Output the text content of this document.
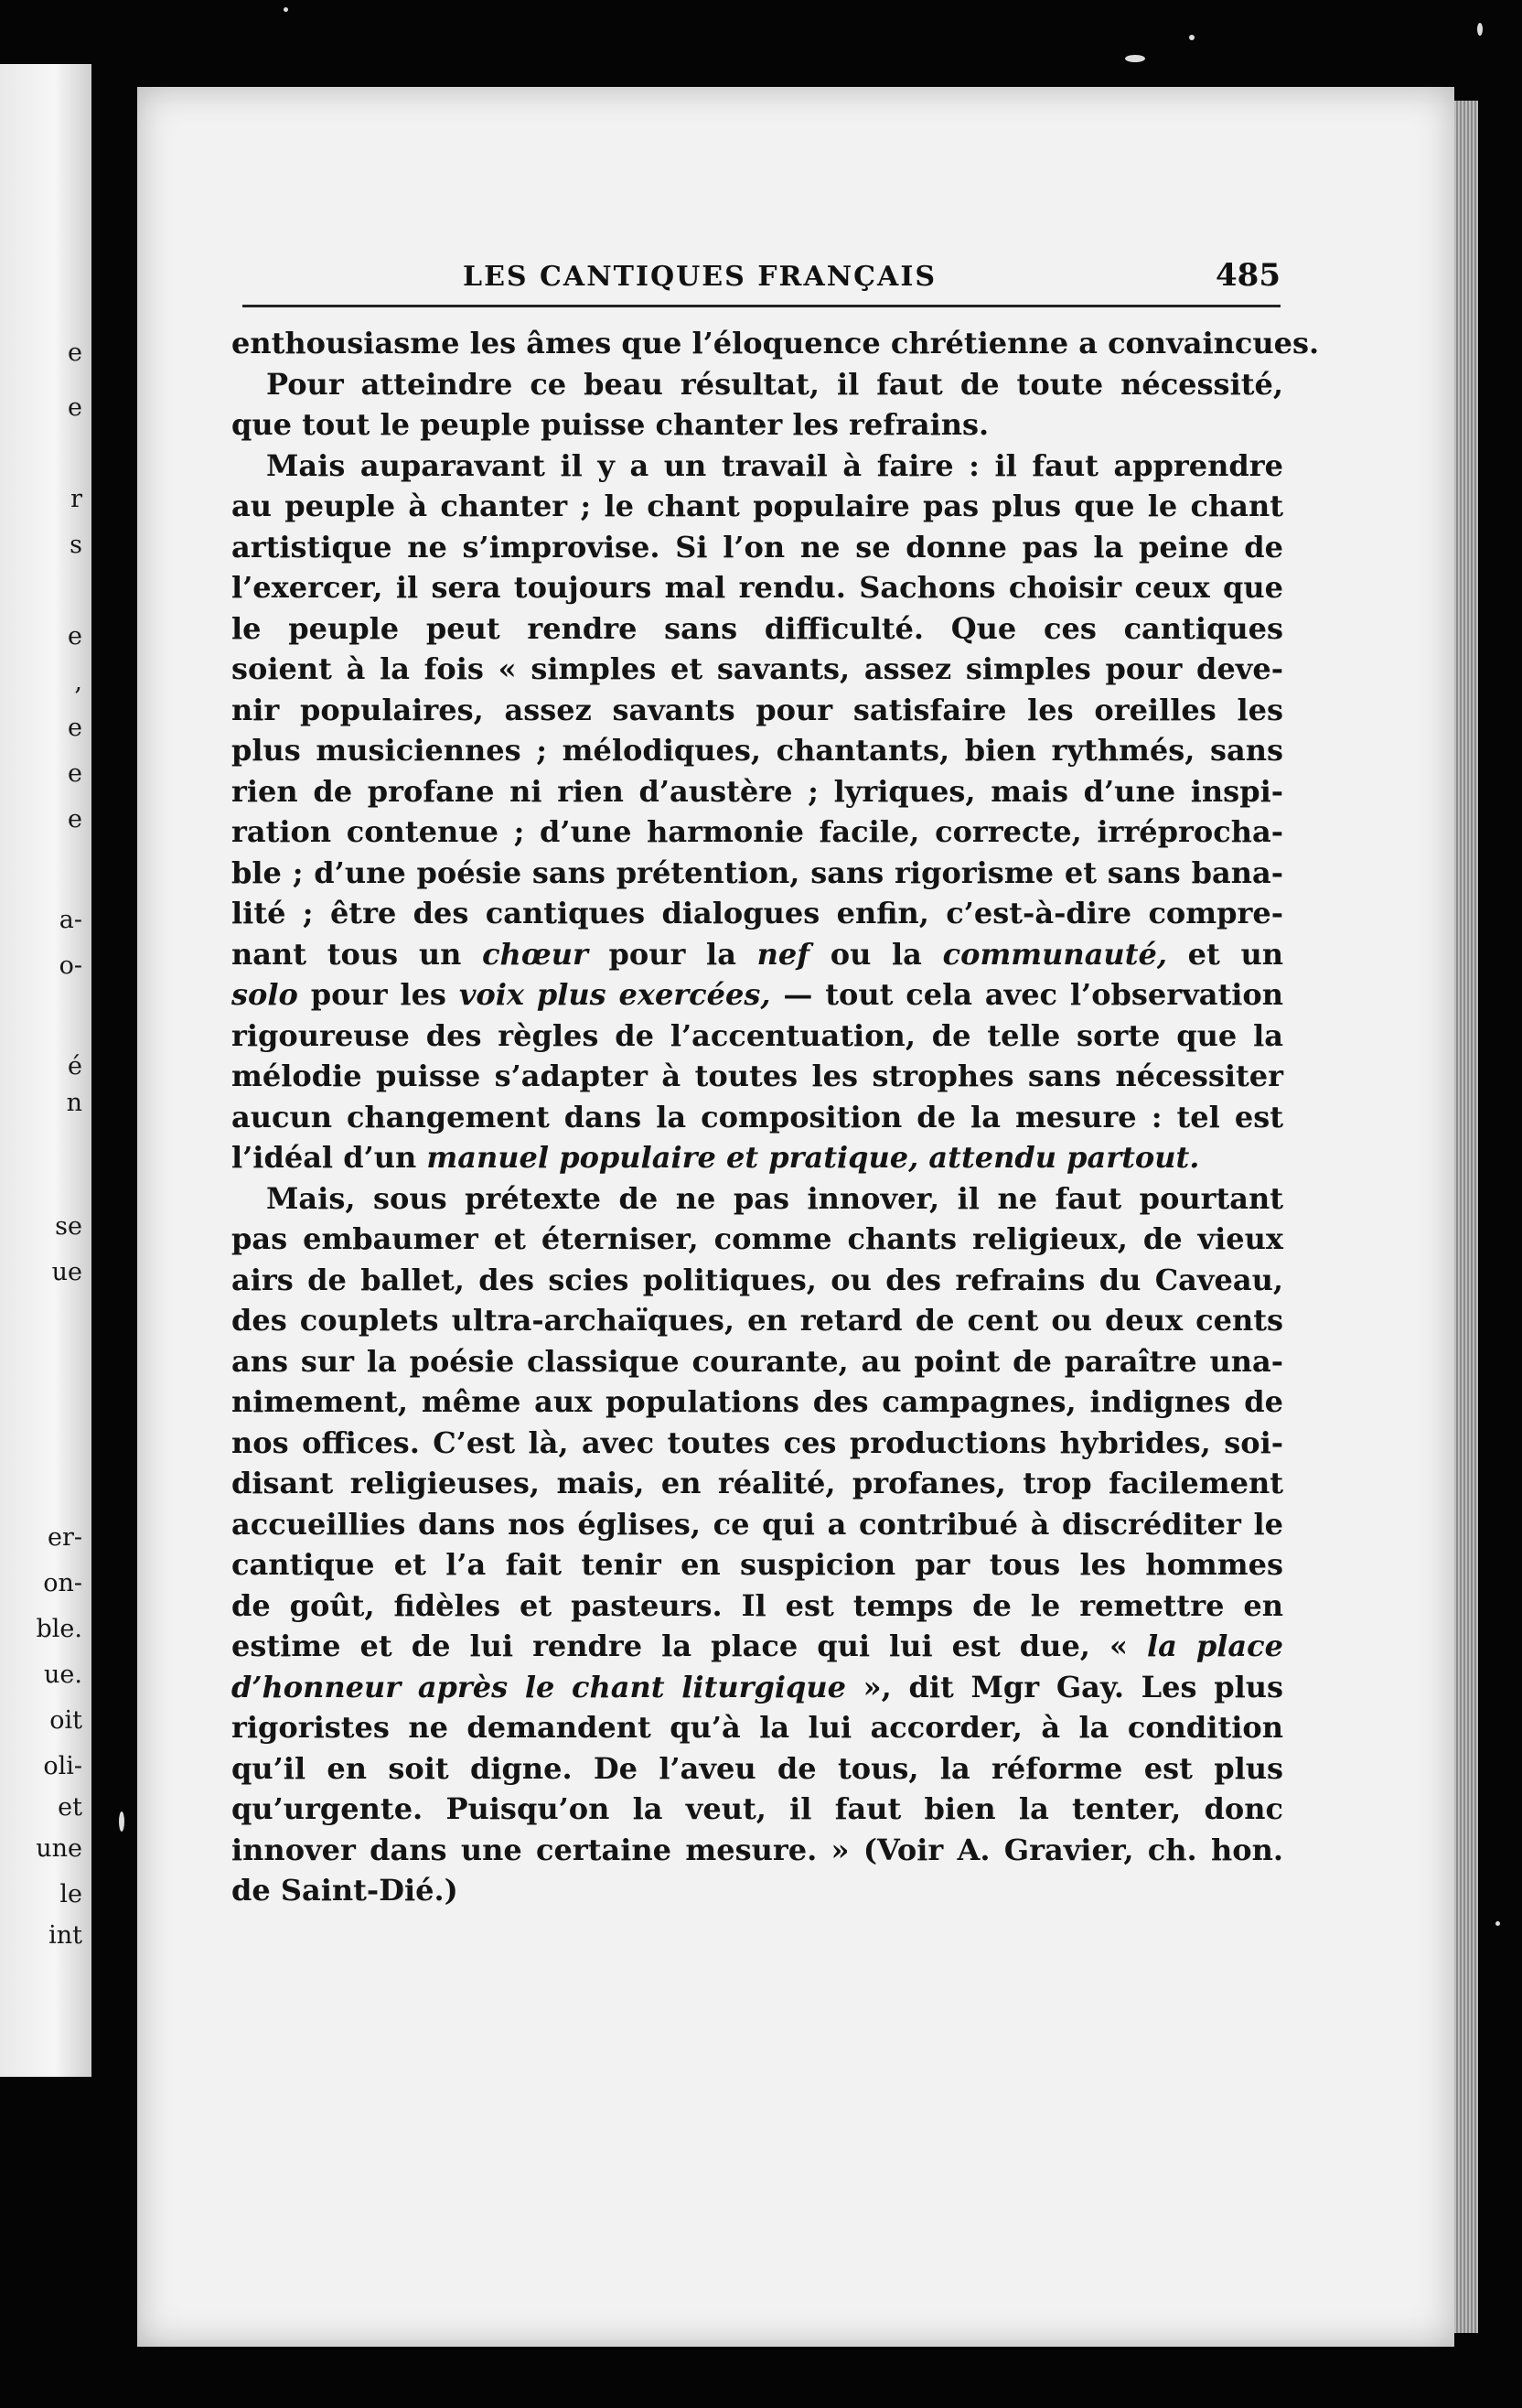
e
e
r
s
e
,
e
e
e
a-
o-
é
n
se
ue
er-
on-
ble.
ue.
oit
oli-
et
une
le
int
LES CANTIQUES FRANÇAIS	485
enthousiasme les âmes que l’éloquence chrétienne a convaincues.
Pour atteindre ce beau résultat, il faut de toute nécessité,
que tout le peuple puisse chanter les refrains.
Mais auparavant il y a un travail à faire : il faut apprendre
au peuple à chanter ; le chant populaire pas plus que le chant
artistique ne s’improvise. Si l’on ne se donne pas la peine de
l’exercer, il sera toujours mal rendu. Sachons choisir ceux que
le peuple peut rendre sans difficulté. Que ces cantiques
soient à la fois « simples et savants, assez simples pour deve-
nir populaires, assez savants pour satisfaire les oreilles les
plus musiciennes ; mélodiques, chantants, bien rythmés, sans
rien de profane ni rien d’austère ; lyriques, mais d’une inspi-
ration contenue ; d’une harmonie facile, correcte, irréprocha-
ble ; d’une poésie sans prétention, sans rigorisme et sans bana-
lité ; être des cantiques dialogues enfin, c’est-à-dire compre-
nant tous un chœur pour la nef ou la communauté, et un
solo pour les voix plus exercées, — tout cela avec l’observation
rigoureuse des règles de l’accentuation, de telle sorte que la
mélodie puisse s’adapter à toutes les strophes sans nécessiter
aucun changement dans la composition de la mesure : tel est
l’idéal d’un manuel populaire et pratique, attendu partout.
Mais, sous prétexte de ne pas innover, il ne faut pourtant
pas embaumer et éterniser, comme chants religieux, de vieux
airs de ballet, des scies politiques, ou des refrains du Caveau,
des couplets ultra-archaïques, en retard de cent ou deux cents
ans sur la poésie classique courante, au point de paraître una-
nimement, même aux populations des campagnes, indignes de
nos offices. C’est là, avec toutes ces productions hybrides, soi-
disant religieuses, mais, en réalité, profanes, trop facilement
accueillies dans nos églises, ce qui a contribué à discréditer le
cantique et l’a fait tenir en suspicion par tous les hommes
de goût, fidèles et pasteurs. Il est temps de le remettre en
estime et de lui rendre la place qui lui est due, « la place
d’honneur après le chant liturgique », dit Mgr Gay. Les plus
rigoristes ne demandent qu’à la lui accorder, à la condition
qu’il en soit digne. De l’aveu de tous, la réforme est plus
qu’urgente. Puisqu’on la veut, il faut bien la tenter, donc
innover dans une certaine mesure. » (Voir A. Gravier, ch. hon.
de Saint-Dié.)
